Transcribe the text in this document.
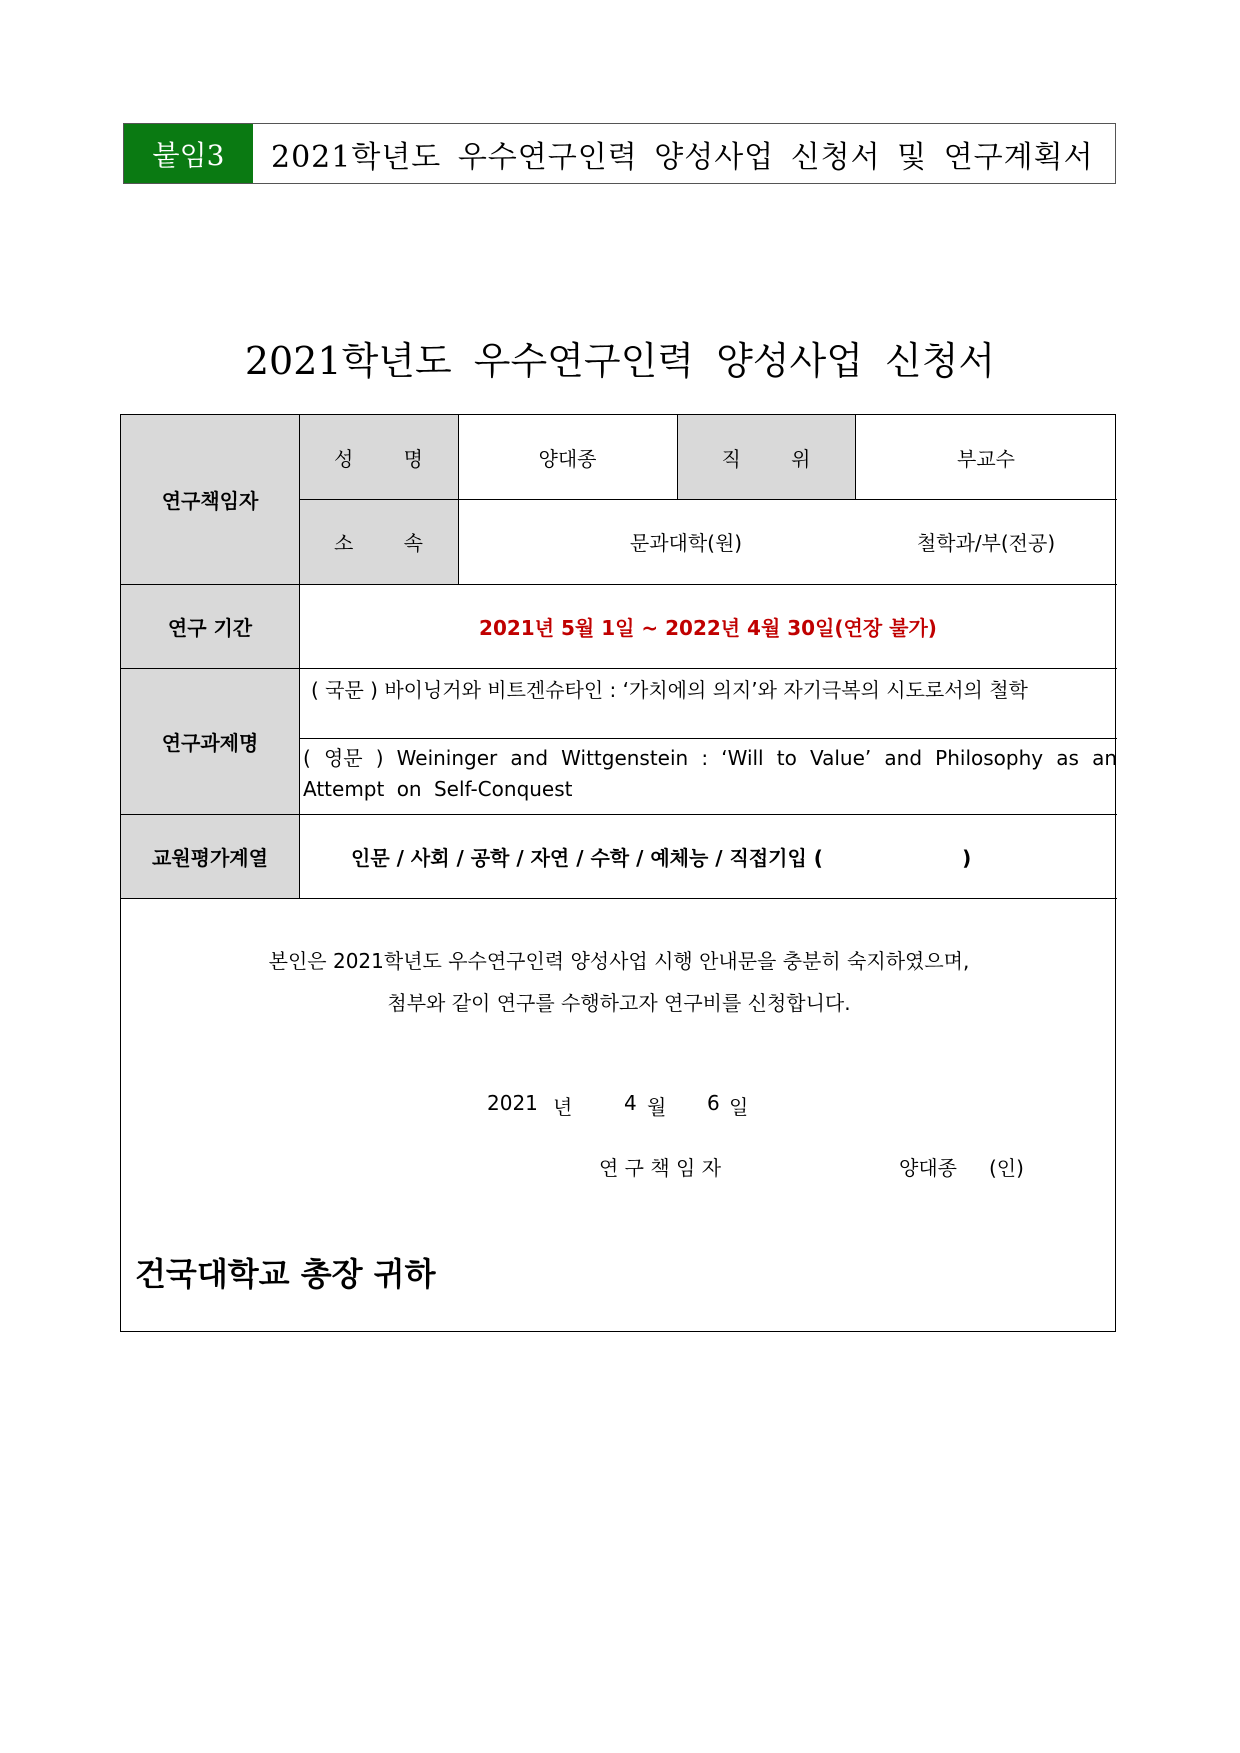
붙임3	2021학년도 우수연구인력 양성사업 신청서 및 연구계획서
2021학년도 우수연구인력 양성사업 신청서
연구책임자
성 명	양대종	직 위	부교수
소 속	문과대학(원)	철학과/부(전공)
연구 기간	2021년 5월 1일 ~ 2022년 4월 30일(연장 불가)
연구과제명
( 국문 ) 바이닝거와 비트겐슈타인 : ‘가치에의 의지’와 자기극복의 시도로서의 철학
( 영문 ) Weininger and Wittgenstein : ‘Will to Value’ and Philosophy as an Attempt on Self-Conquest
교원평가계열	인문 / 사회 / 공학 / 자연 / 수학 / 예체능 / 직접기입 (                    )
본인은 2021학년도 우수연구인력 양성사업 시행 안내문을 충분히 숙지하였으며,
첨부와 같이 연구를 수행하고자 연구비를 신청합니다.
2021 년	4 월 6 일
연 구 책 임 자	양대종 (인)
건국대학교 총장 귀하
